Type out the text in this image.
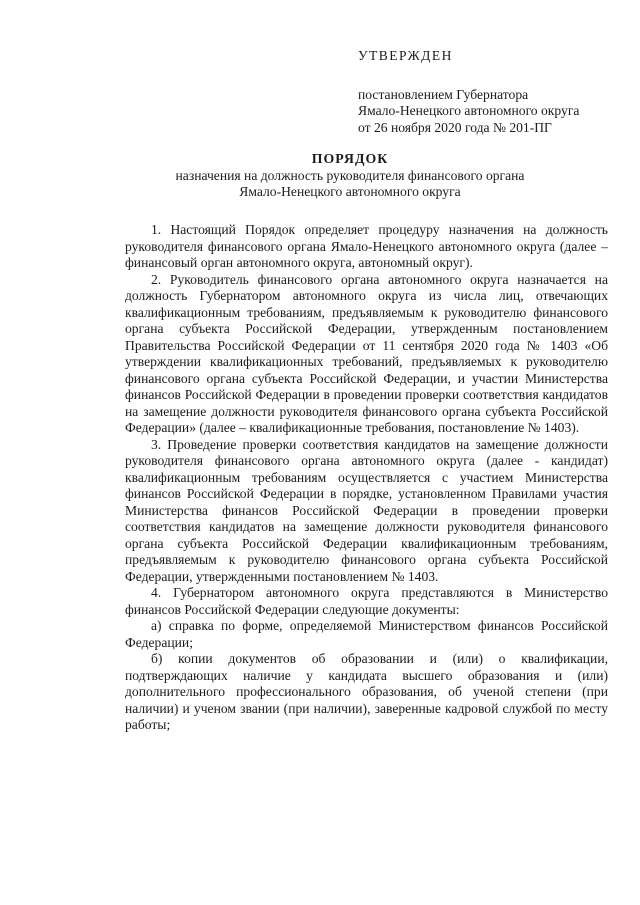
УТВЕРЖДЕН
постановлением Губернатора
Ямало-Ненецкого автономного округа
от 26 ноября 2020 года № 201-ПГ
ПОРЯДОК
назначения на должность руководителя финансового органа
Ямало-Ненецкого автономного округа

1. Настоящий Порядок определяет процедуру назначения на должность руководителя финансового органа Ямало-Ненецкого автономного округа (далее – финансовый орган автономного округа, автономный округ).

2. Руководитель финансового органа автономного округа назначается на должность Губернатором автономного округа из числа лиц, отвечающих квалификационным требованиям, предъявляемым к руководителю финансового органа субъекта Российской Федерации, утвержденным постановлением Правительства Российской Федерации от 11 сентября 2020 года № 1403 «Об утверждении квалификационных требований, предъявляемых к руководителю финансового органа субъекта Российской Федерации, и участии Министерства финансов Российской Федерации в проведении проверки соответствия кандидатов на замещение должности руководителя финансового органа субъекта Российской Федерации» (далее – квалификационные требования, постановление № 1403).

3. Проведение проверки соответствия кандидатов на замещение должности руководителя финансового органа автономного округа (далее - кандидат) квалификационным требованиям осуществляется с участием Министерства финансов Российской Федерации в порядке, установленном Правилами участия Министерства финансов Российской Федерации в проведении проверки соответствия кандидатов на замещение должности руководителя финансового органа субъекта Российской Федерации квалификационным требованиям, предъявляемым к руководителю финансового органа субъекта Российской Федерации, утвержденными постановлением № 1403.

4. Губернатором автономного округа представляются в Министерство финансов Российской Федерации следующие документы:

а) справка по форме, определяемой Министерством финансов Российской Федерации;

б) копии документов об образовании и (или) о квалификации, подтверждающих наличие у кандидата высшего образования и (или) дополнительного профессионального образования, об ученой степени (при наличии) и ученом звании (при наличии), заверенные кадровой службой по месту работы;
